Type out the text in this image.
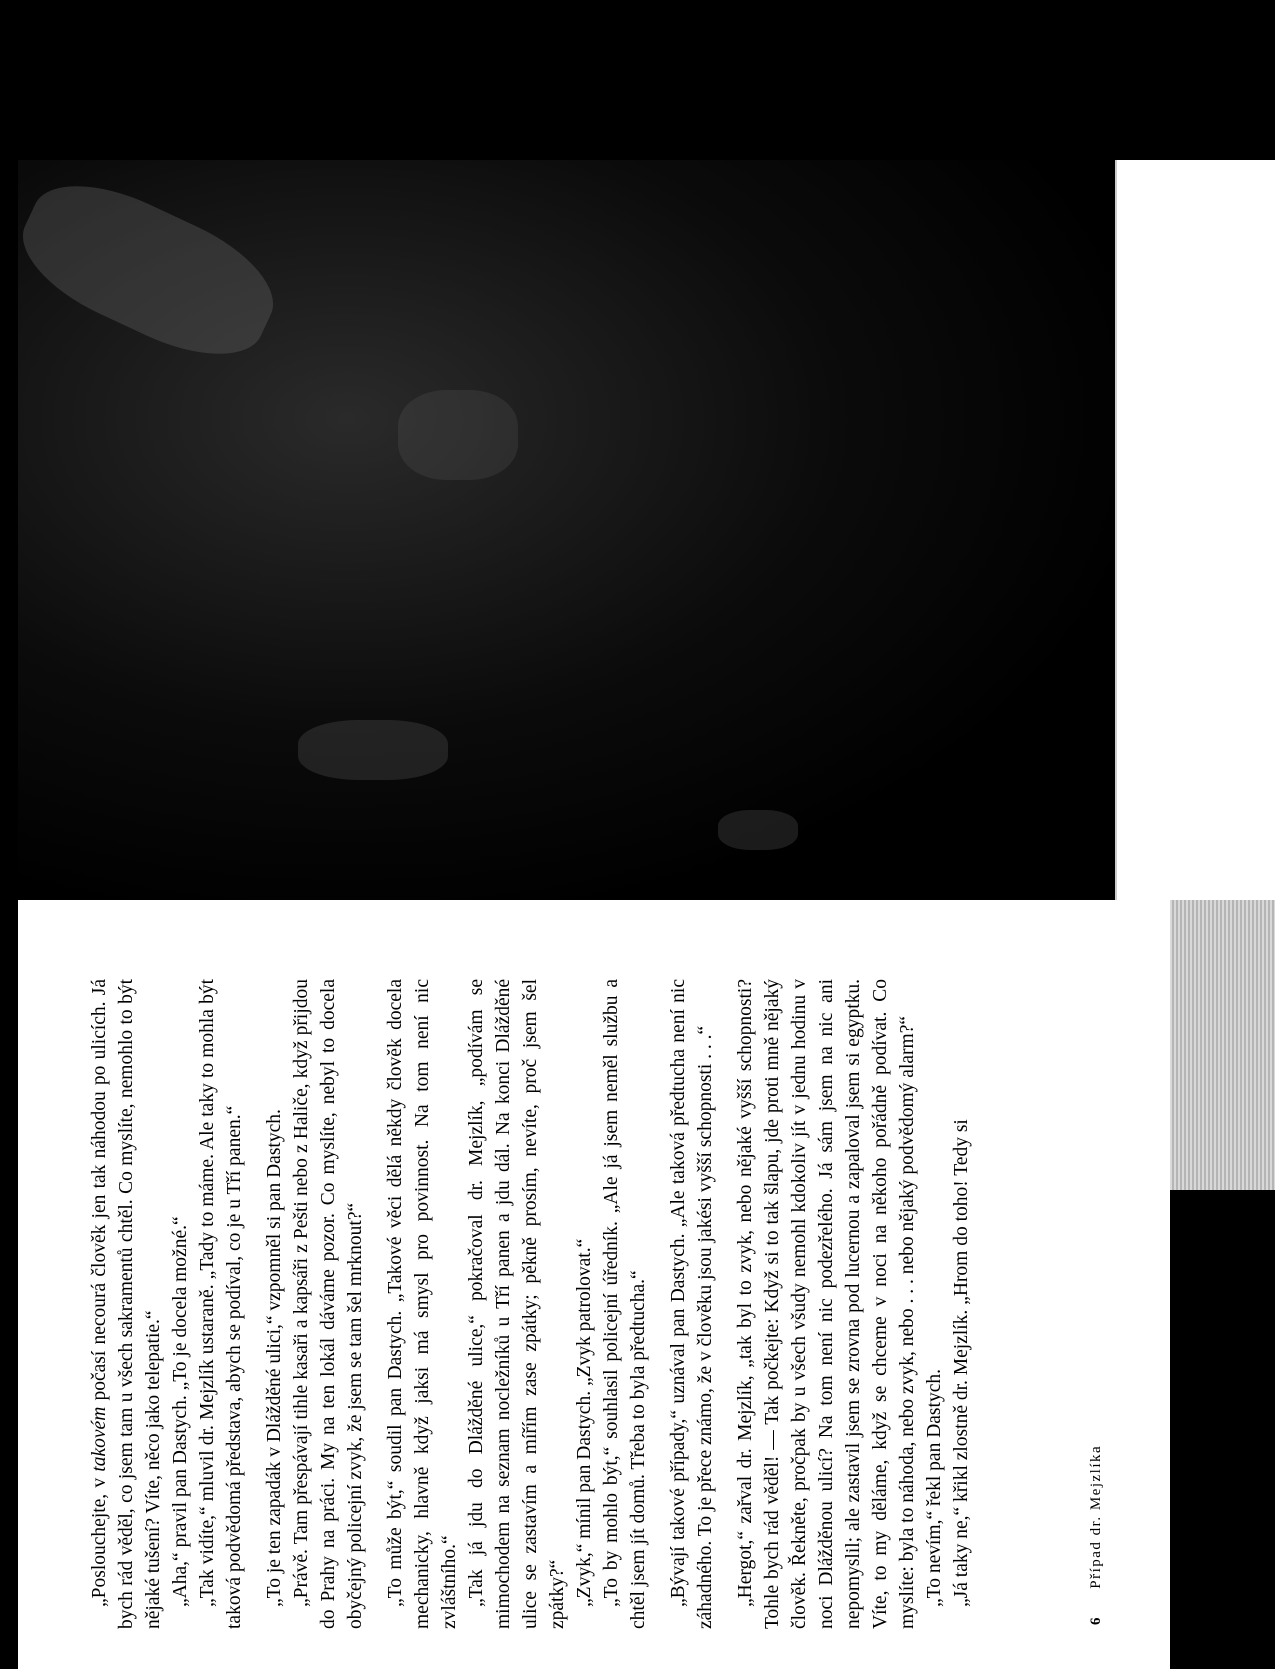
„Poslouchejte, v takovém počasí necourá člověk jen tak náhodou po ulicích. Já bych rád věděl, co jsem tam u všech sakramentů chtěl. Co myslíte, nemohlo to být nějaké tušení? Víte, něco jako telepatie.“ „Aha,“ pravil pan Dastych. „To je docela možné.“ „Tak vidíte,“ mluvil dr. Mejzlík ustaraně. „Tady to máme. Ale taky to mohla být taková podvědomá představa, abych se podíval, co je u Tří panen.“ „To je ten zapadák v Dlážděné ulici,“ vzpomněl si pan Dastych. „Právě. Tam přespávají tihle kasaři a kapsáři z Pešti nebo z Haliče, když přijdou do Prahy na práci. My na ten lokál dáváme pozor. Co myslíte, nebyl to docela obyčejný policejní zvyk, že jsem se tam šel mrknout?“ „To může být,“ soudil pan Dastych. „Takové věci dělá někdy člověk docela mechanicky, hlavně když jaksi má smysl pro povinnost. Na tom není nic zvláštního.“ „Tak já jdu do Dlážděné ulice,“ pokračoval dr. Mejzlík, „podívám se mimochodem na seznam nocležníků u Tří panen a jdu dál. Na konci Dlážděné ulice se zastavím a mířím zase zpátky; pěkně prosím, nevíte, proč jsem šel zpátky?“ „Zvyk,“ mínil pan Dastych. „Zvyk patrolovat.“ „To by mohlo být,“ souhlasil policejní úředník. „Ale já jsem neměl službu a chtěl jsem jít domů. Třeba to byla předtucha.“ „Bývají takové případy,“ uznával pan Dastych. „Ale taková předtucha není nic záhadného. To je přece známo, že v člověku jsou jakési vyšší schopnosti . . .“ „Hergot,“ zařval dr. Mejzlík, „tak byl to zvyk, nebo nějaké vyšší schopnosti? Tohle bych rád věděl! — Tak počkejte: Když si to tak šlapu, jde proti mně nějaký člověk. Řekněte, pročpak by u všech všudy nemohl kdokoliv jít v jednu hodinu v noci Dlážděnou ulicí? Na tom není nic podezřelého. Já sám jsem na nic ani nepomyslil; ale zastavil jsem se zrovna pod lucernou a zapaloval jsem si egyptku. Víte, to my děláme, když se chceme v noci na někoho pořádně podívat. Co myslíte: byla to náhoda, nebo zvyk, nebo . . . nebo nějaký podvědomý alarm?“ „To nevím,“ řekl pan Dastych. „Já taky ne,“ křikl zlostně dr. Mejzlík. „Hrom do toho! Tedy si

6 Případ dr. Mejzlíka
